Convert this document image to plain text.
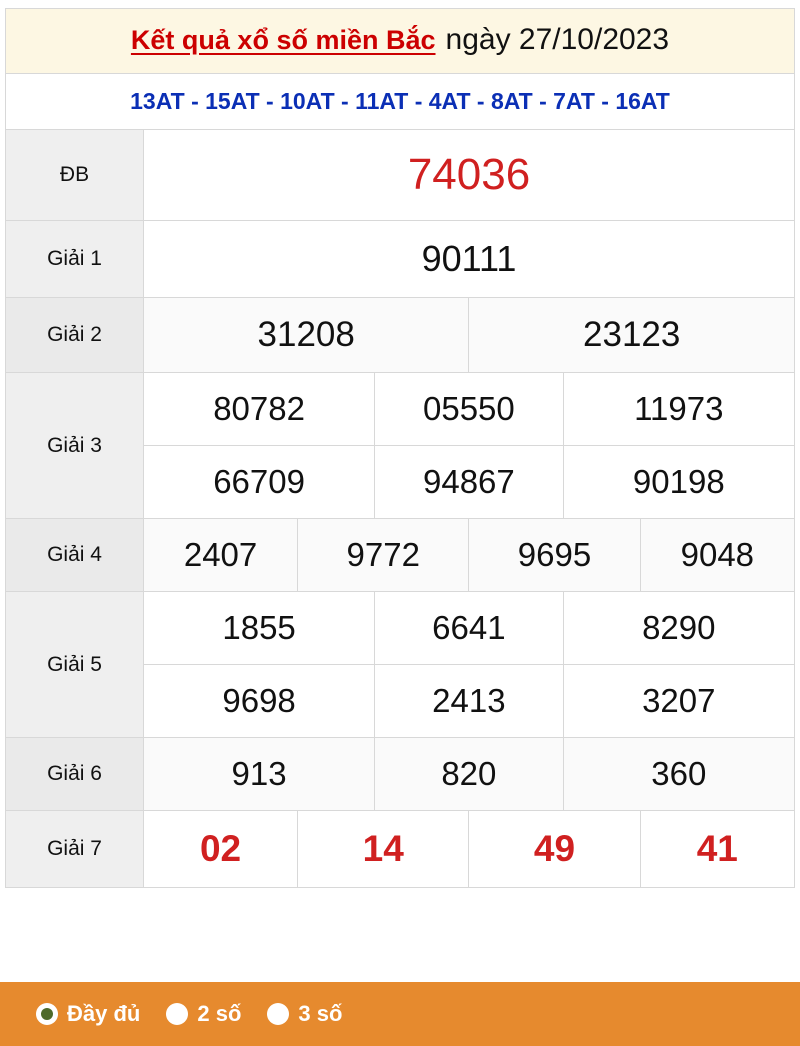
Kết quả xổ số miền Bắc ngày 27/10/2023						

13AT - 15AT - 10AT - 11AT - 4AT - 8AT - 7AT - 16AT						
ĐB	74036					
Giải 1	90111					
Giải 2	31208			23123		
Giải 3	80782		05550		11973	
	66709		94867		90198	
Giải 4	2407	9772		9695		9048
Giải 5	1855		6641		8290	
	9698		2413		3207	
Giải 6	913		820		360	
Giải 7	02	14		49		41
Đầy đủ	2 số	3 số
